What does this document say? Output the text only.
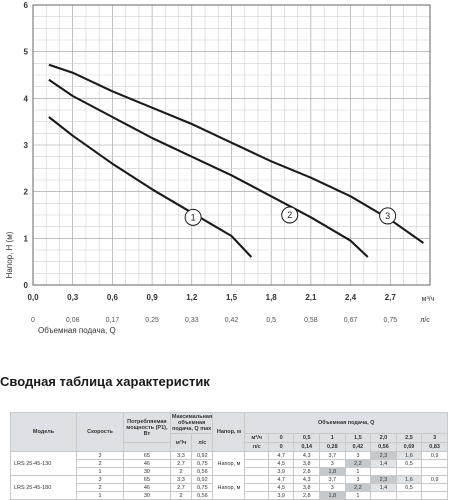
1	2	3
0
1
2
3
4
5
6
0,0	0,3	0,6	0,9	1,2	1,5	1,8	2,1	2,4	2,7
0	0,08	0,17	0,25	0,33	0,42	0,5	0,58	0,67	0,75
Напор, H (м)
м³/ч
л/с
Объемная подача, Q
Сводная таблица характеристик
Модель	Скорость	Потребляемая мощность (P1), Вт	Максимальная объемная подача, Q max		Напор, м	Объемная подача, Q							
			м³/ч	л/с		м³/ч	0	0,5	1	1,5	2,0	2,5	3
						л/с	0	0,14	0,28	0,42	0,56	0,69	0,83
LRS 25-45-130	3	65	3,3	0,92	Напор, м		4,7	4,3	3,7	3	2,3	1,6	0,9
	2	46	2,7	0,75			4,5	3,8	3	2,2	1,4	0,5	
	1	30	2	0,56			3,9	2,8	1,8	1			
LRS 25-45-180	3	65	3,3	0,92	Напор, м		4,7	4,3	3,7	3	2,3	1,6	0,9
	2	46	2,7	0,75			4,5	3,8	3	2,2	1,4	0,5	
	1	30	2	0,56			3,9	2,8	1,8	1			
